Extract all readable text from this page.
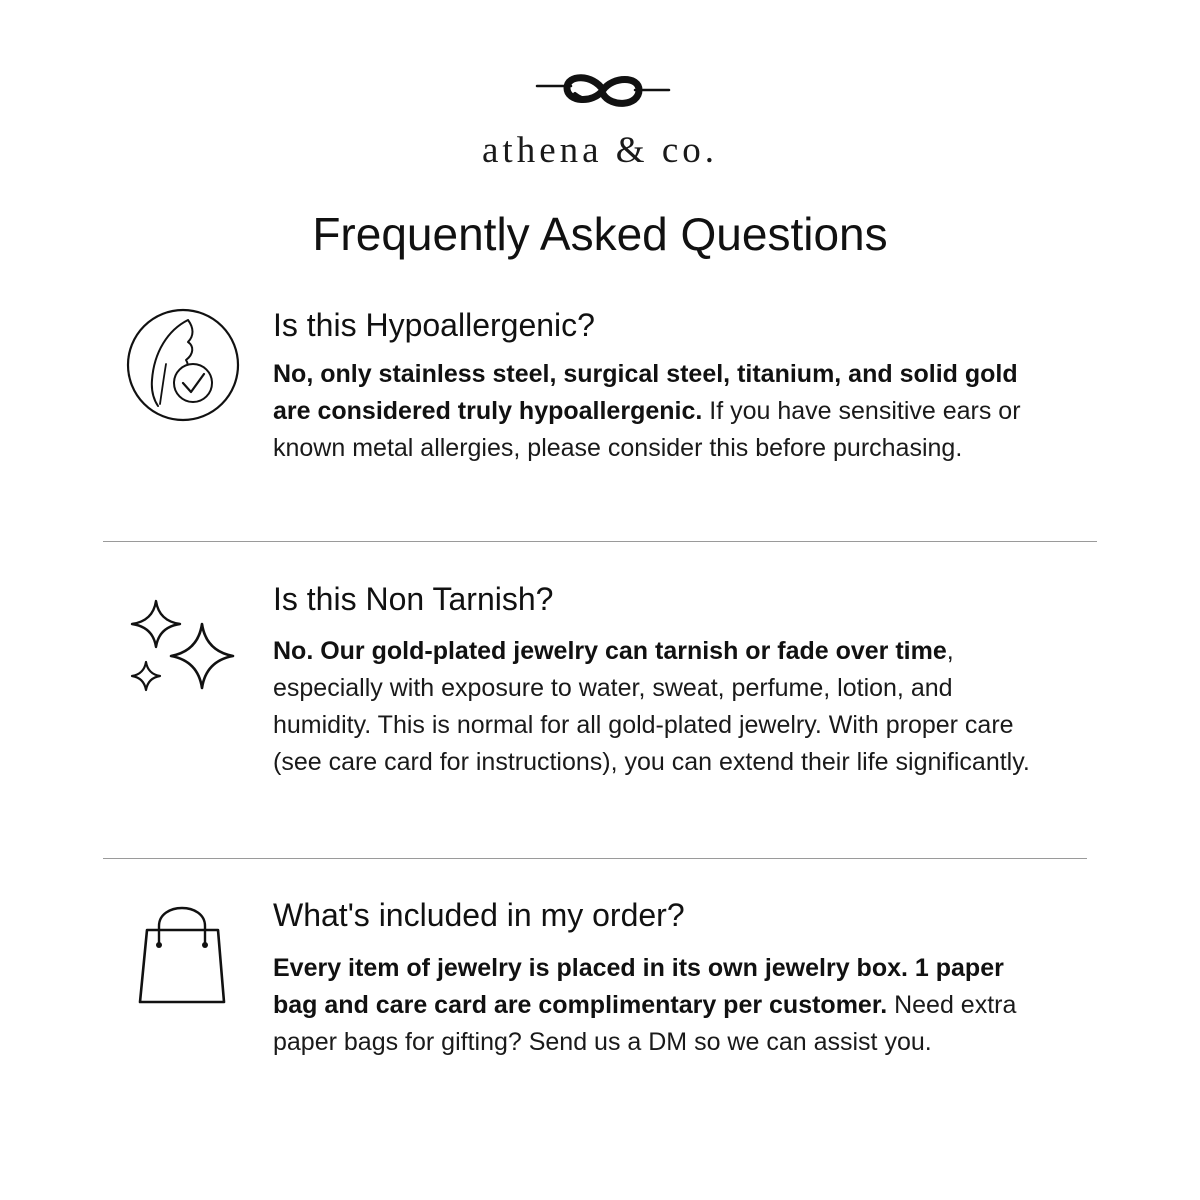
athena & co.
Frequently Asked Questions
Is this Hypoallergenic?

No, only stainless steel, surgical steel, titanium, and solid gold are considered truly hypoallergenic. If you have sensitive ears or known metal allergies, please consider this before purchasing.

Is this Non Tarnish?

No. Our gold-plated jewelry can tarnish or fade over time, especially with exposure to water, sweat, perfume, lotion, and humidity. This is normal for all gold-plated jewelry. With proper care (see care card for instructions), you can extend their life significantly.

What's included in my order?

Every item of jewelry is placed in its own jewelry box. 1 paper bag and care card are complimentary per customer. Need extra paper bags for gifting? Send us a DM so we can assist you.
